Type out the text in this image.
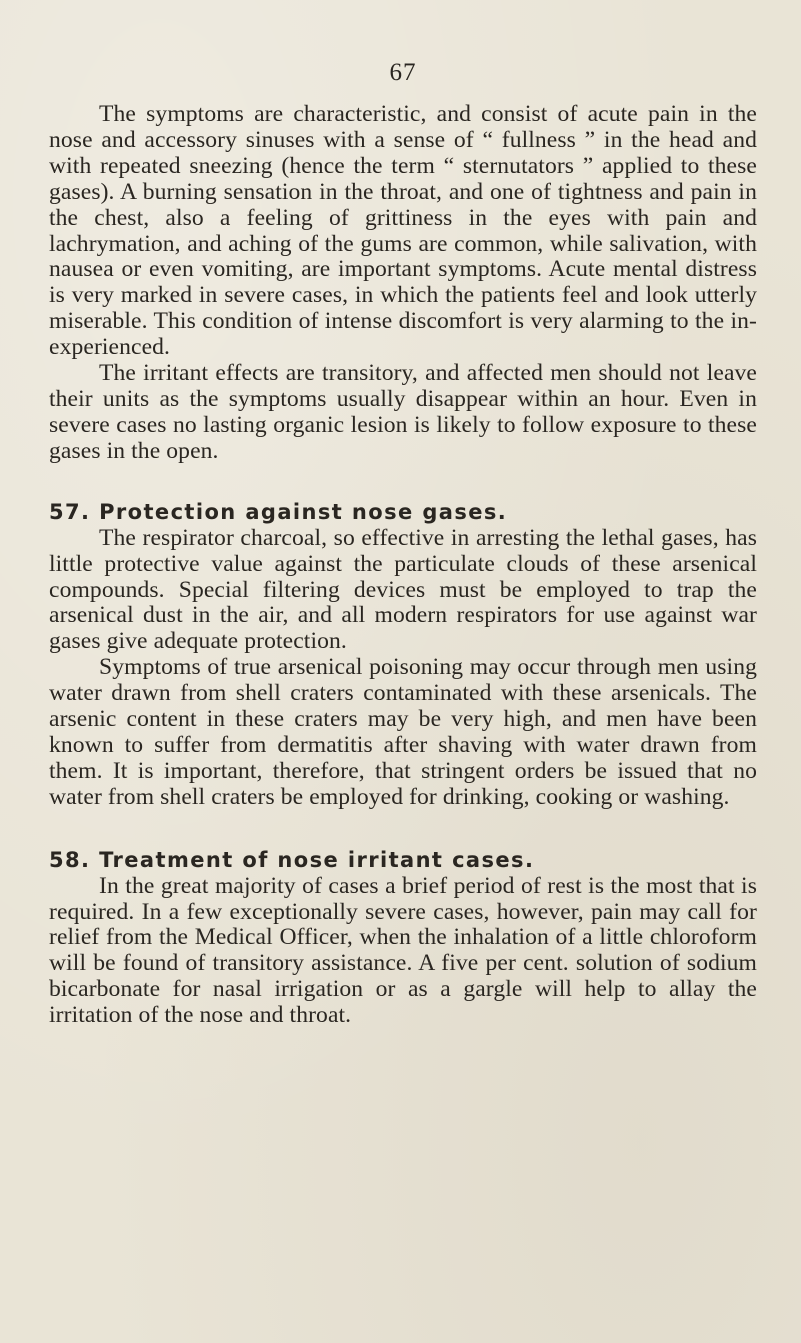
67

The symptoms are characteristic, and consist of acute pain in the nose and accessory sinuses with a sense of “ fullness ” in the head and with repeated sneezing (hence the term “ sternutators ” applied to these gases). A burning sensation in the throat, and one of tightness and pain in the chest, also a feeling of grittiness in the eyes with pain and lachrymation, and aching of the gums are common, while salivation, with nausea or even vomiting, are important symptoms. Acute mental distress is very marked in severe cases, in which the patients feel and look utterly miserable. This condition of intense discomfort is very alarming to the in-experienced.

The irritant effects are transitory, and affected men should not leave their units as the symptoms usually disappear within an hour. Even in severe cases no lasting organic lesion is likely to follow exposure to these gases in the open.

57. Protection against nose gases.

The respirator charcoal, so effective in arresting the lethal gases, has little protective value against the particulate clouds of these arsenical compounds. Special filtering devices must be employed to trap the arsenical dust in the air, and all modern respirators for use against war gases give adequate protection.

Symptoms of true arsenical poisoning may occur through men using water drawn from shell craters contaminated with these arsenicals. The arsenic content in these craters may be very high, and men have been known to suffer from dermatitis after shaving with water drawn from them. It is important, therefore, that stringent orders be issued that no water from shell craters be employed for drinking, cooking or washing.

58. Treatment of nose irritant cases.

In the great majority of cases a brief period of rest is the most that is required. In a few exceptionally severe cases, however, pain may call for relief from the Medical Officer, when the inhalation of a little chloroform will be found of transitory assistance. A five per cent. solution of sodium bicarbonate for nasal irrigation or as a gargle will help to allay the irritation of the nose and throat.
